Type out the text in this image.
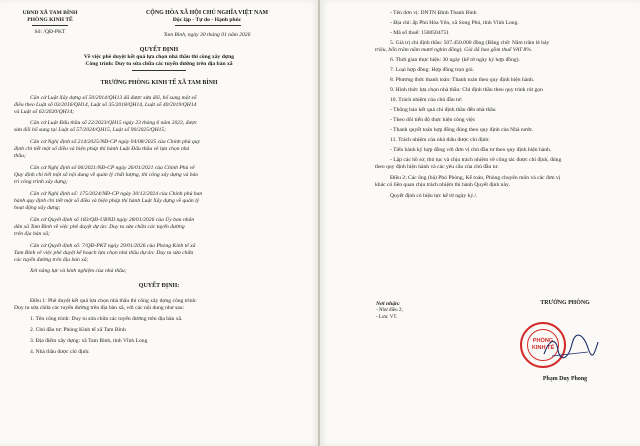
UBND XÃ TAM BÌNH
PHÒNG KINH TẾ
Số: /QĐ-PKT
CỘNG HÒA XÃ HỘI CHỦ NGHĨA VIỆT NAM
Độc lập - Tự do - Hạnh phúc
Tam Bình, ngày 30 tháng 01 năm 2026
QUYẾT ĐỊNH
Về việc phê duyệt kết quả lựa chọn nhà thầu thi công xây dựng
Công trình: Duy tu sửa chữa các tuyến đường trên địa bàn xã
TRƯỞNG PHÒNG KINH TẾ XÃ TAM BÌNH
Căn cứ Luật Xây dựng số 50/2014/QH13 đã được sửa đổi, bổ sung một số
điều theo Luật số 03/2016/QH14, Luật số 35/2018/QH14, Luật số 40/2019/QH14
và Luật số 62/2020/QH14;
Căn cứ Luật Đấu thầu số 22/2023/QH15 ngày 23 tháng 6 năm 2023, được
sửa đổi bổ sung tại Luật số 57/2024/QH15, Luật số 90/2025/QH15;
Căn cứ Nghị định số 214/2025/NĐ-CP ngày 04/08/2025 của Chính phủ quy
định chi tiết một số điều và biện pháp thi hành Luật Đấu thầu về lựa chọn nhà
thầu;
Căn cứ Nghị định số 06/2021/NĐ-CP ngày 26/01/2021 của Chính Phủ về
Quy định chi tiết một số nội dung về quản lý chất lượng, thi công xây dựng và bảo
trì công trình xây dựng;
Căn cứ Nghị định số: 175/2024/NĐ-CP ngày 30/12/2024 của Chính phủ ban
hành quy định chi tiết một số điều và biện pháp thi hành Luật Xây dựng về quản lý
hoạt động xây dựng;
Căn cứ Quyết định số 183/QĐ-UBND ngày 28/01/2026 của Ủy ban nhân
dân xã Tam Bình về việc phê duyệt dự án: Duy tu sửa chữa các tuyến đường
trên địa bàn xã;
Căn cứ Quyết định số: 7/QĐ-PKT ngày 29/01/2026 của Phòng Kinh tế xã
Tam Bình về việc phê duyệt kế hoạch lựa chọn nhà thầu dự án: Duy tu sửa chữa
các tuyến đường trên địa bàn xã;
Xét năng lực và kinh nghiệm của nhà thầu;
QUYẾT ĐỊNH:
Điều 1: Phê duyệt kết quả lựa chọn nhà thầu thi công xây dựng công trình:
Duy tu sửa chữa các tuyến đường trên địa bàn xã, với các nội dung như sau:
1. Tên công trình: Duy tu sửa chữa các tuyến đường trên địa bàn xã.
2. Chủ đầu tư: Phòng Kinh tế xã Tam Bình
3. Địa điểm xây dựng: xã Tam Bình, tỉnh Vĩnh Long
4. Nhà thầu được chỉ định:
- Tên đơn vị: DNTN Đình Thanh Bình
- Địa chỉ: ấp Phú Hòa Yên, xã Song Phú, tỉnh Vĩnh Long.
- Mã số thuế: 1500504751
5. Giá trị chỉ định thầu: 507.450.000 đồng (Bằng chữ: Năm trăm lẻ bảy
triệu, bốn trăm năm mươi nghìn đồng). Giá đã bao gồm thuế VAT 8%.
6. Thời gian thực hiện: 30 ngày (kể từ ngày ký hợp đồng).
7. Loại hợp đồng: Hợp đồng trọn gói.
8. Phương thức thanh toán: Thanh toán theo quy định hiện hành.
9. Hình thức lựa chọn nhà thầu: Chỉ định thầu theo quy trình rút gọn
10. Trách nhiệm của chủ đầu tư:
- Thông báo kết quả chỉ định thầu đến nhà thầu
- Theo dõi tiến độ thực hiện công việc
- Thanh quyết toán hợp đồng đúng theo quy định của Nhà nước.
11. Trách nhiệm của nhà thầu được chỉ định:
- Tiến hành ký hợp đồng với đơn vị chủ đầu tư theo quy định hiện hành.
- Lập các hồ sơ, thủ tục và chịu trách nhiệm về công tác được chỉ định, đúng
theo quy định hiện hành và các yêu cầu của chủ đầu tư.
Điều 2: Các ông (bà) Phó Phòng, Kế toán, Phòng chuyên môn và các đơn vị
khác có liên quan chịu trách nhiệm thi hành Quyết định này.
Quyết định có hiệu lực kể từ ngày ký./.
Nơi nhận:
- Như điều 2;
- Lưu: VT.
TRƯỞNG PHÒNG
PHÒNG
KINH TẾ
Phạm Duy Phong
